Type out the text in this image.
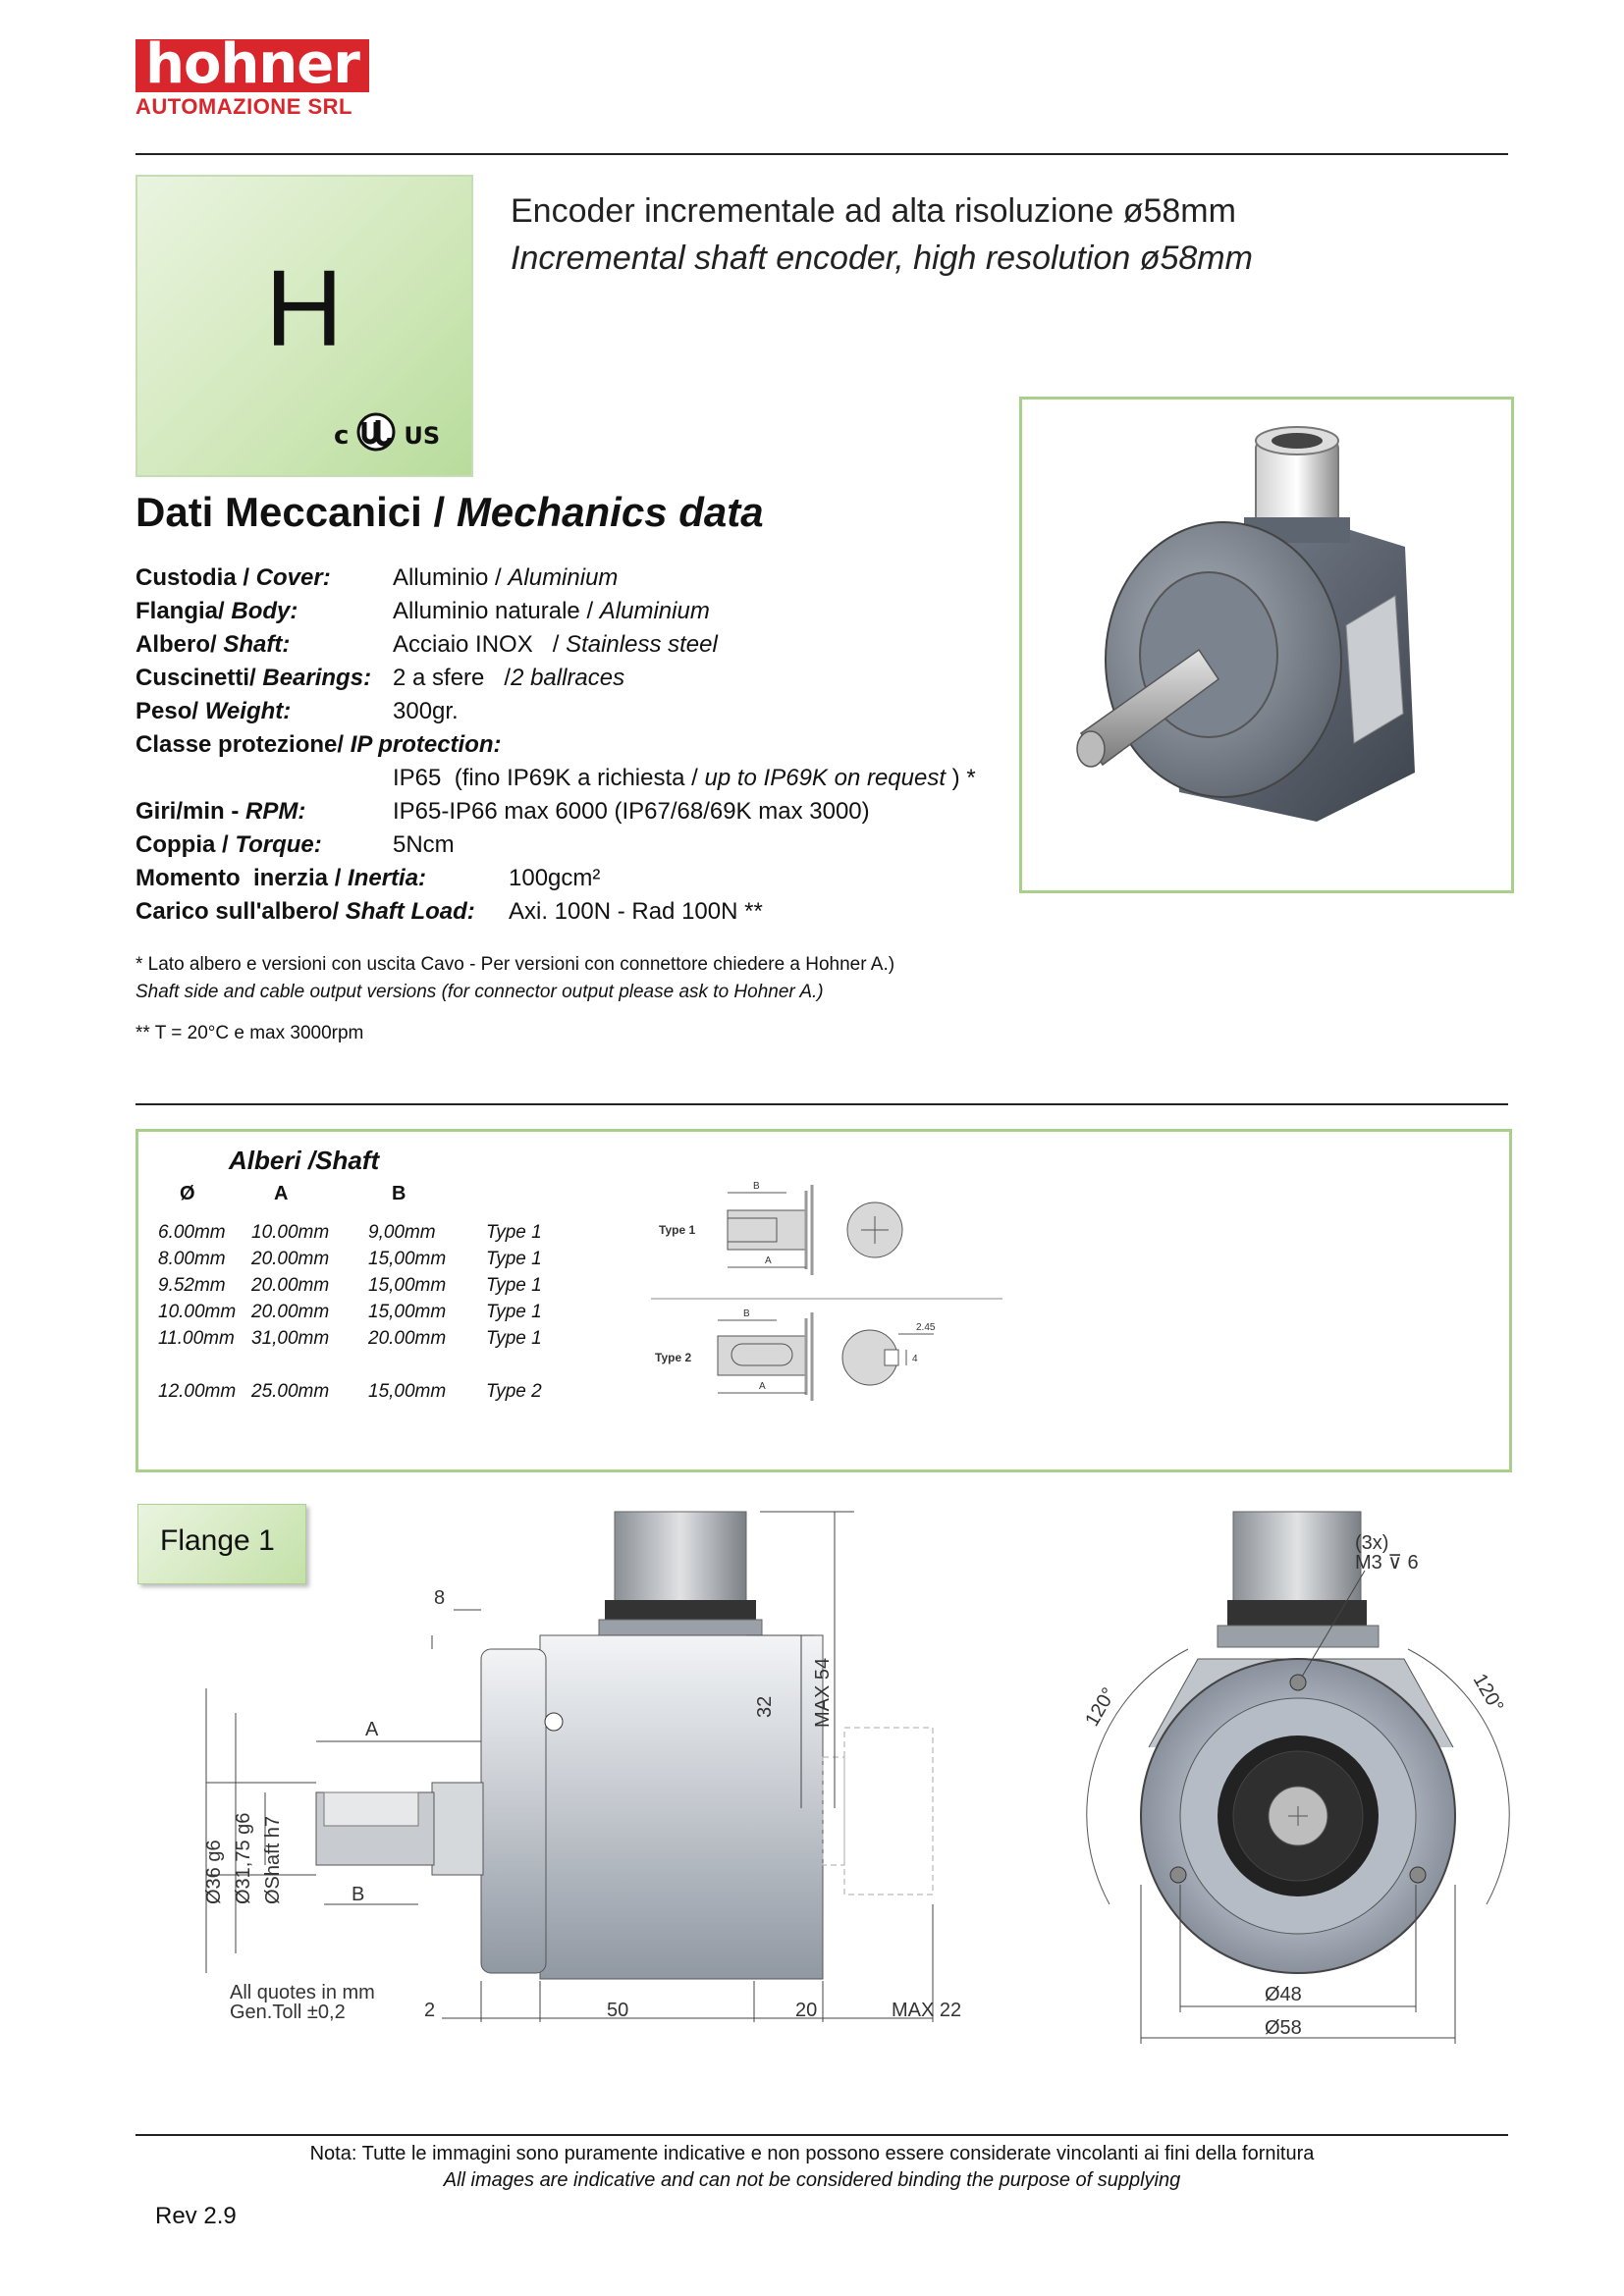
hohner
AUTOMAZIONE SRL
H
c US
Encoder incrementale ad alta risoluzione ø58mm
Incremental shaft encoder, high resolution ø58mm
Dati Meccanici / Mechanics data
Custodia / Cover:	Alluminio / Aluminium
Flangia/ Body:	Alluminio naturale / Aluminium
Albero/ Shaft:	Acciaio INOX   / Stainless steel
Cuscinetti/ Bearings: 2 a sfere   /2 ballraces
Peso/ Weight:	300gr.
Classe protezione/ IP protection:
IP65  (fino IP69K a richiesta / up to IP69K on request ) *
Giri/min - RPM:	IP65-IP66 max 6000 (IP67/68/69K max 3000)
Coppia / Torque:	5Ncm
Momento  inerzia / Inertia:	100gcm²
Carico sull'albero/ Shaft Load: Axi. 100N - Rad 100N **
* Lato albero e versioni con uscita Cavo - Per versioni con connettore chiedere a Hohner A.)
Shaft side and cable output versions (for connector output please ask to Hohner A.)
** T = 20°C e max 3000rpm
Alberi /Shaft
Ø	A	B
6.00mm 10.00mm 9,00mm	Type 1
8.00mm 20.00mm 15,00mm Type 1
9.52mm 20.00mm 15,00mm Type 1
10.00mm 20.00mm 15,00mm Type 1
11.00mm 31,00mm 20.00mm Type 1
12.00mm 25.00mm 15,00mm Type 2
Type 1
Type 2
B
A
B
A
2.45
4
Flange 1
8
32 MAX 54
A
B
Ø36 g6 Ø31,75 g6 ØShaft h7
2	50	20	MAX 22
All quotes in mm
Gen.Toll ±0,2
(3x)
M3 ⊽ 6
120°	120°
Ø48
Ø58
Nota: Tutte le immagini sono puramente indicative e non possono essere considerate vincolanti ai fini della fornitura
All images are indicative and can not be considered binding the purpose of supplying
Rev 2.9
